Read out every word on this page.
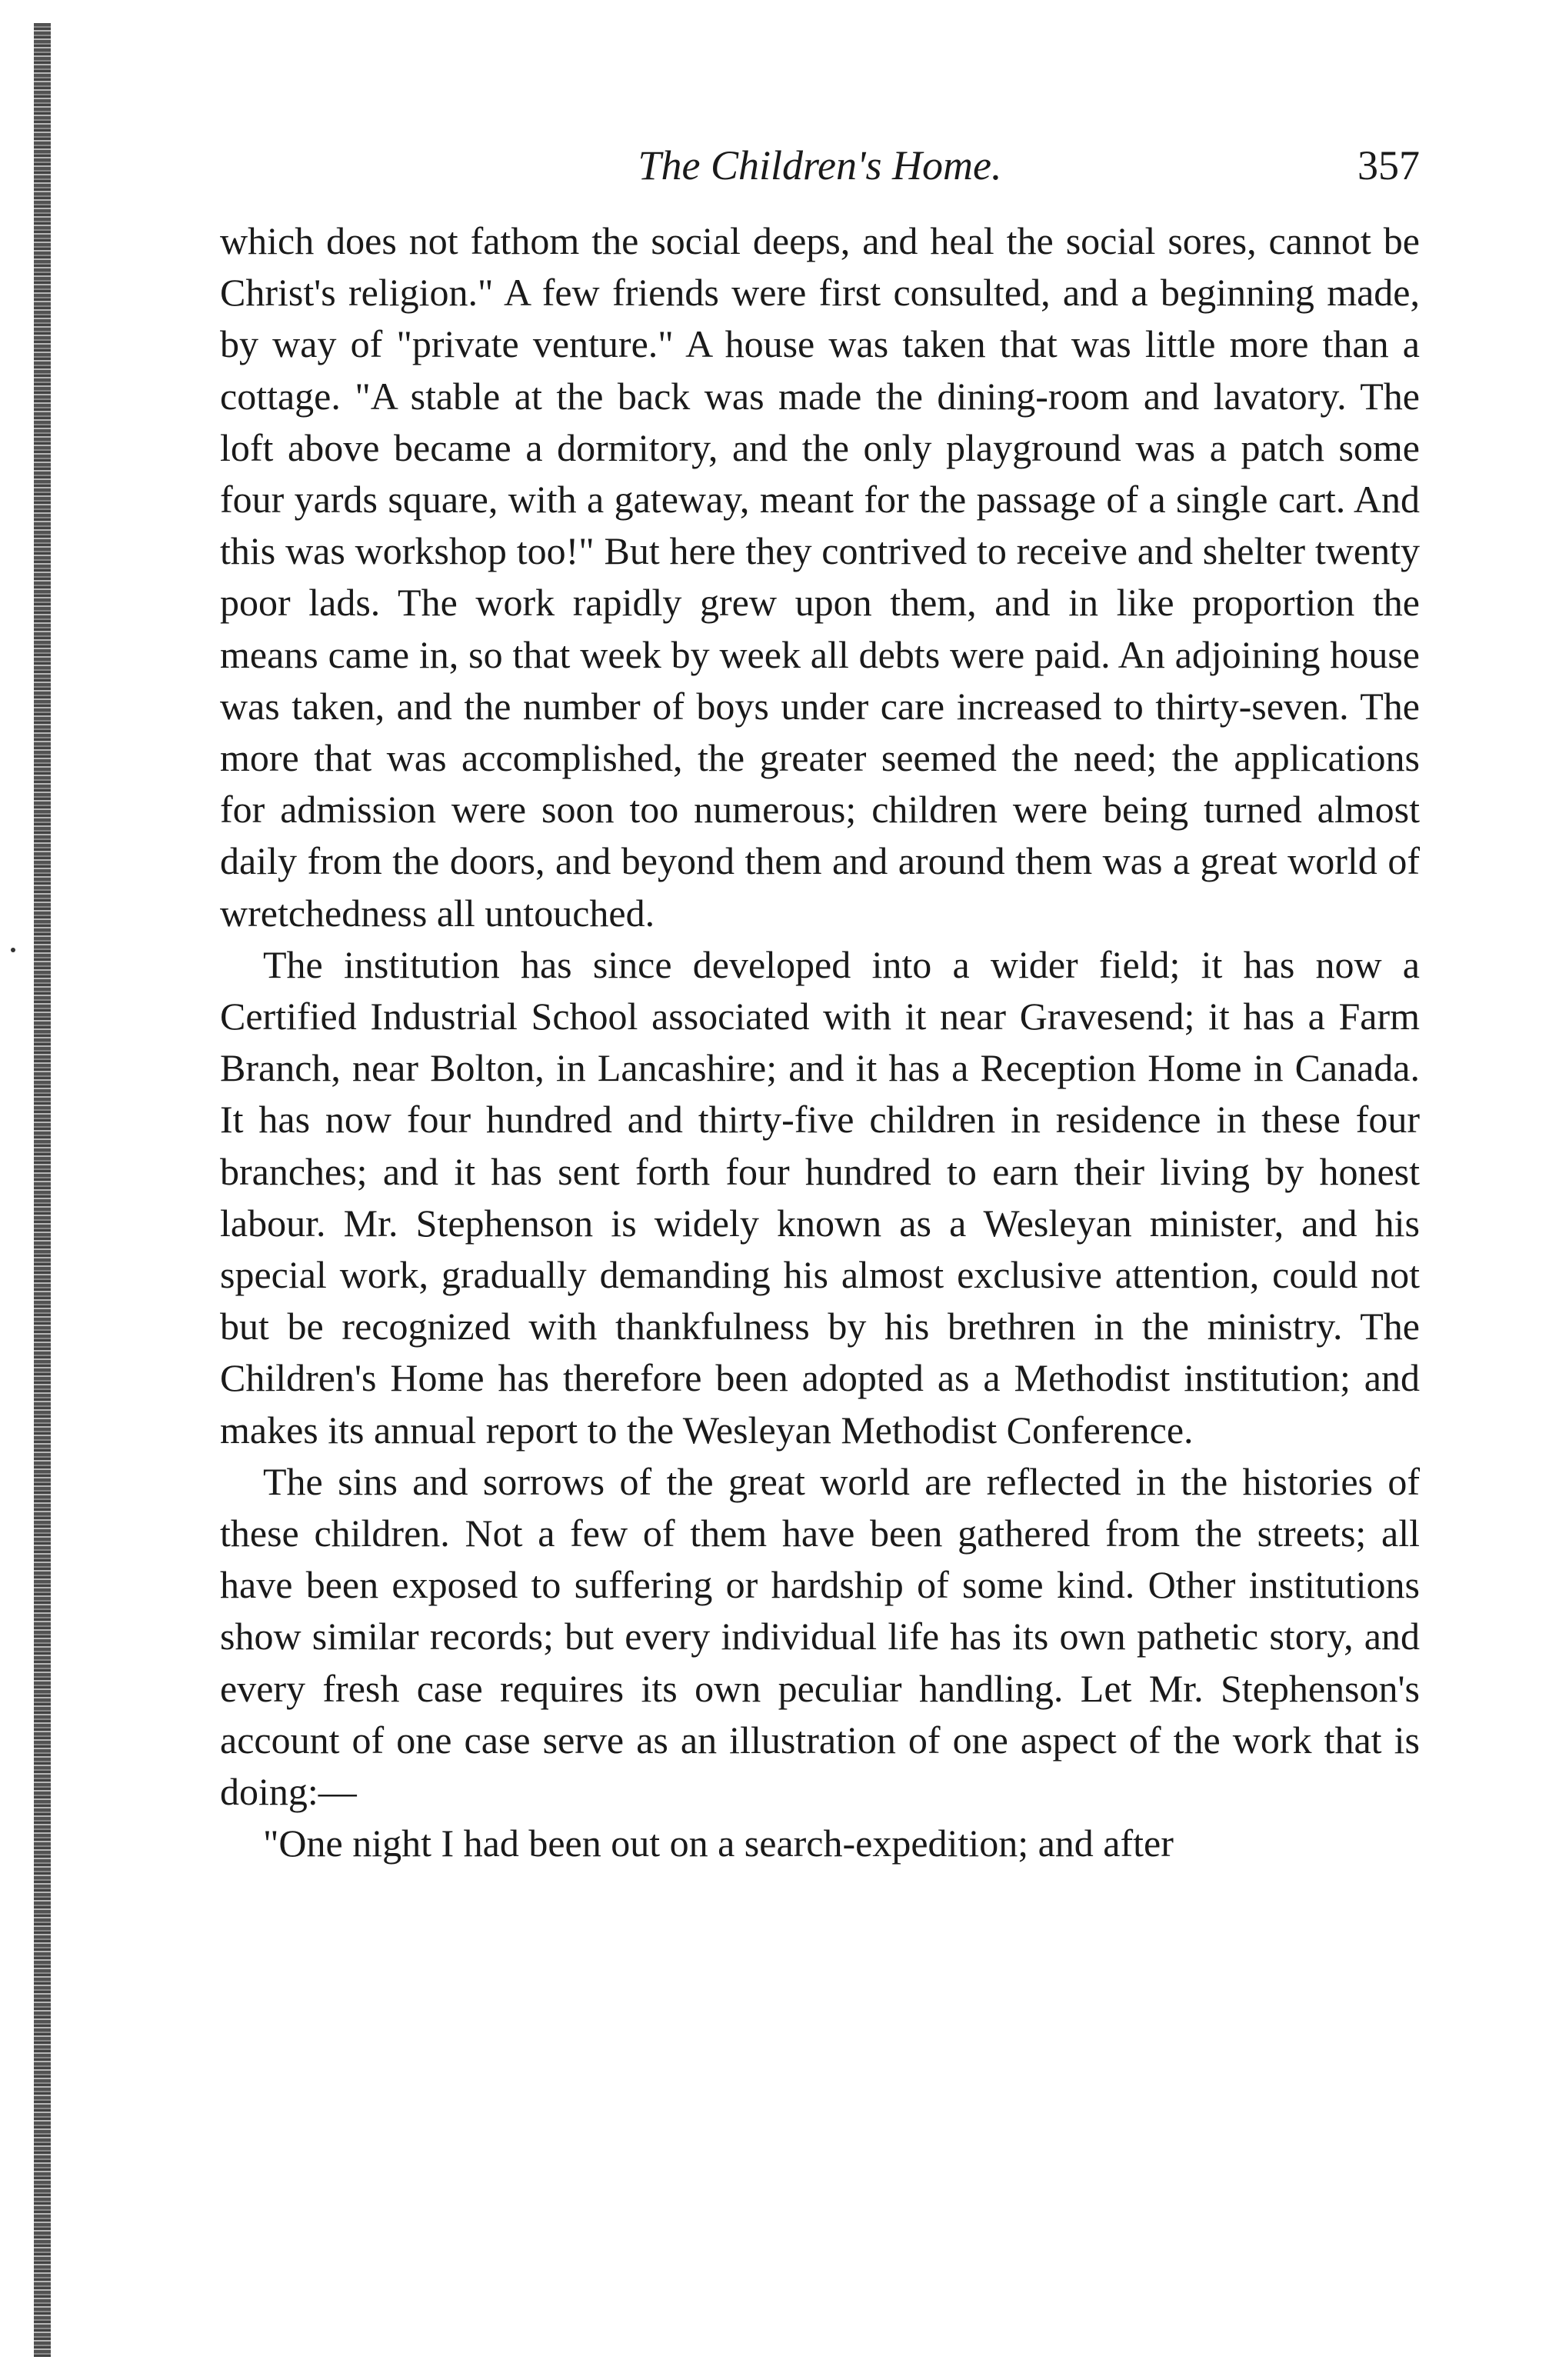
The Children's Home.	357

which does not fathom the social deeps, and heal the social sores, cannot be Christ's religion." A few friends were first consulted, and a beginning made, by way of "private venture." A house was taken that was little more than a cottage. "A stable at the back was made the dining-room and lavatory. The loft above became a dormitory, and the only playground was a patch some four yards square, with a gateway, meant for the passage of a single cart. And this was workshop too!" But here they contrived to receive and shelter twenty poor lads. The work rapidly grew upon them, and in like proportion the means came in, so that week by week all debts were paid. An adjoining house was taken, and the number of boys under care increased to thirty-seven. The more that was accomplished, the greater seemed the need; the applications for admission were soon too numerous; children were being turned almost daily from the doors, and beyond them and around them was a great world of wretchedness all untouched.

The institution has since developed into a wider field; it has now a Certified Industrial School associated with it near Gravesend; it has a Farm Branch, near Bolton, in Lancashire; and it has a Reception Home in Canada. It has now four hundred and thirty-five children in residence in these four branches; and it has sent forth four hundred to earn their living by honest labour. Mr. Stephenson is widely known as a Wesleyan minister, and his special work, gradually demanding his almost exclusive attention, could not but be recognized with thankfulness by his brethren in the ministry. The Children's Home has therefore been adopted as a Methodist institution; and makes its annual report to the Wesleyan Methodist Conference.

The sins and sorrows of the great world are reflected in the histories of these children. Not a few of them have been gathered from the streets; all have been exposed to suffering or hardship of some kind. Other institutions show similar records; but every individual life has its own pathetic story, and every fresh case requires its own peculiar handling. Let Mr. Stephenson's account of one case serve as an illustration of one aspect of the work that is doing:—

"One night I had been out on a search-expedition; and after
